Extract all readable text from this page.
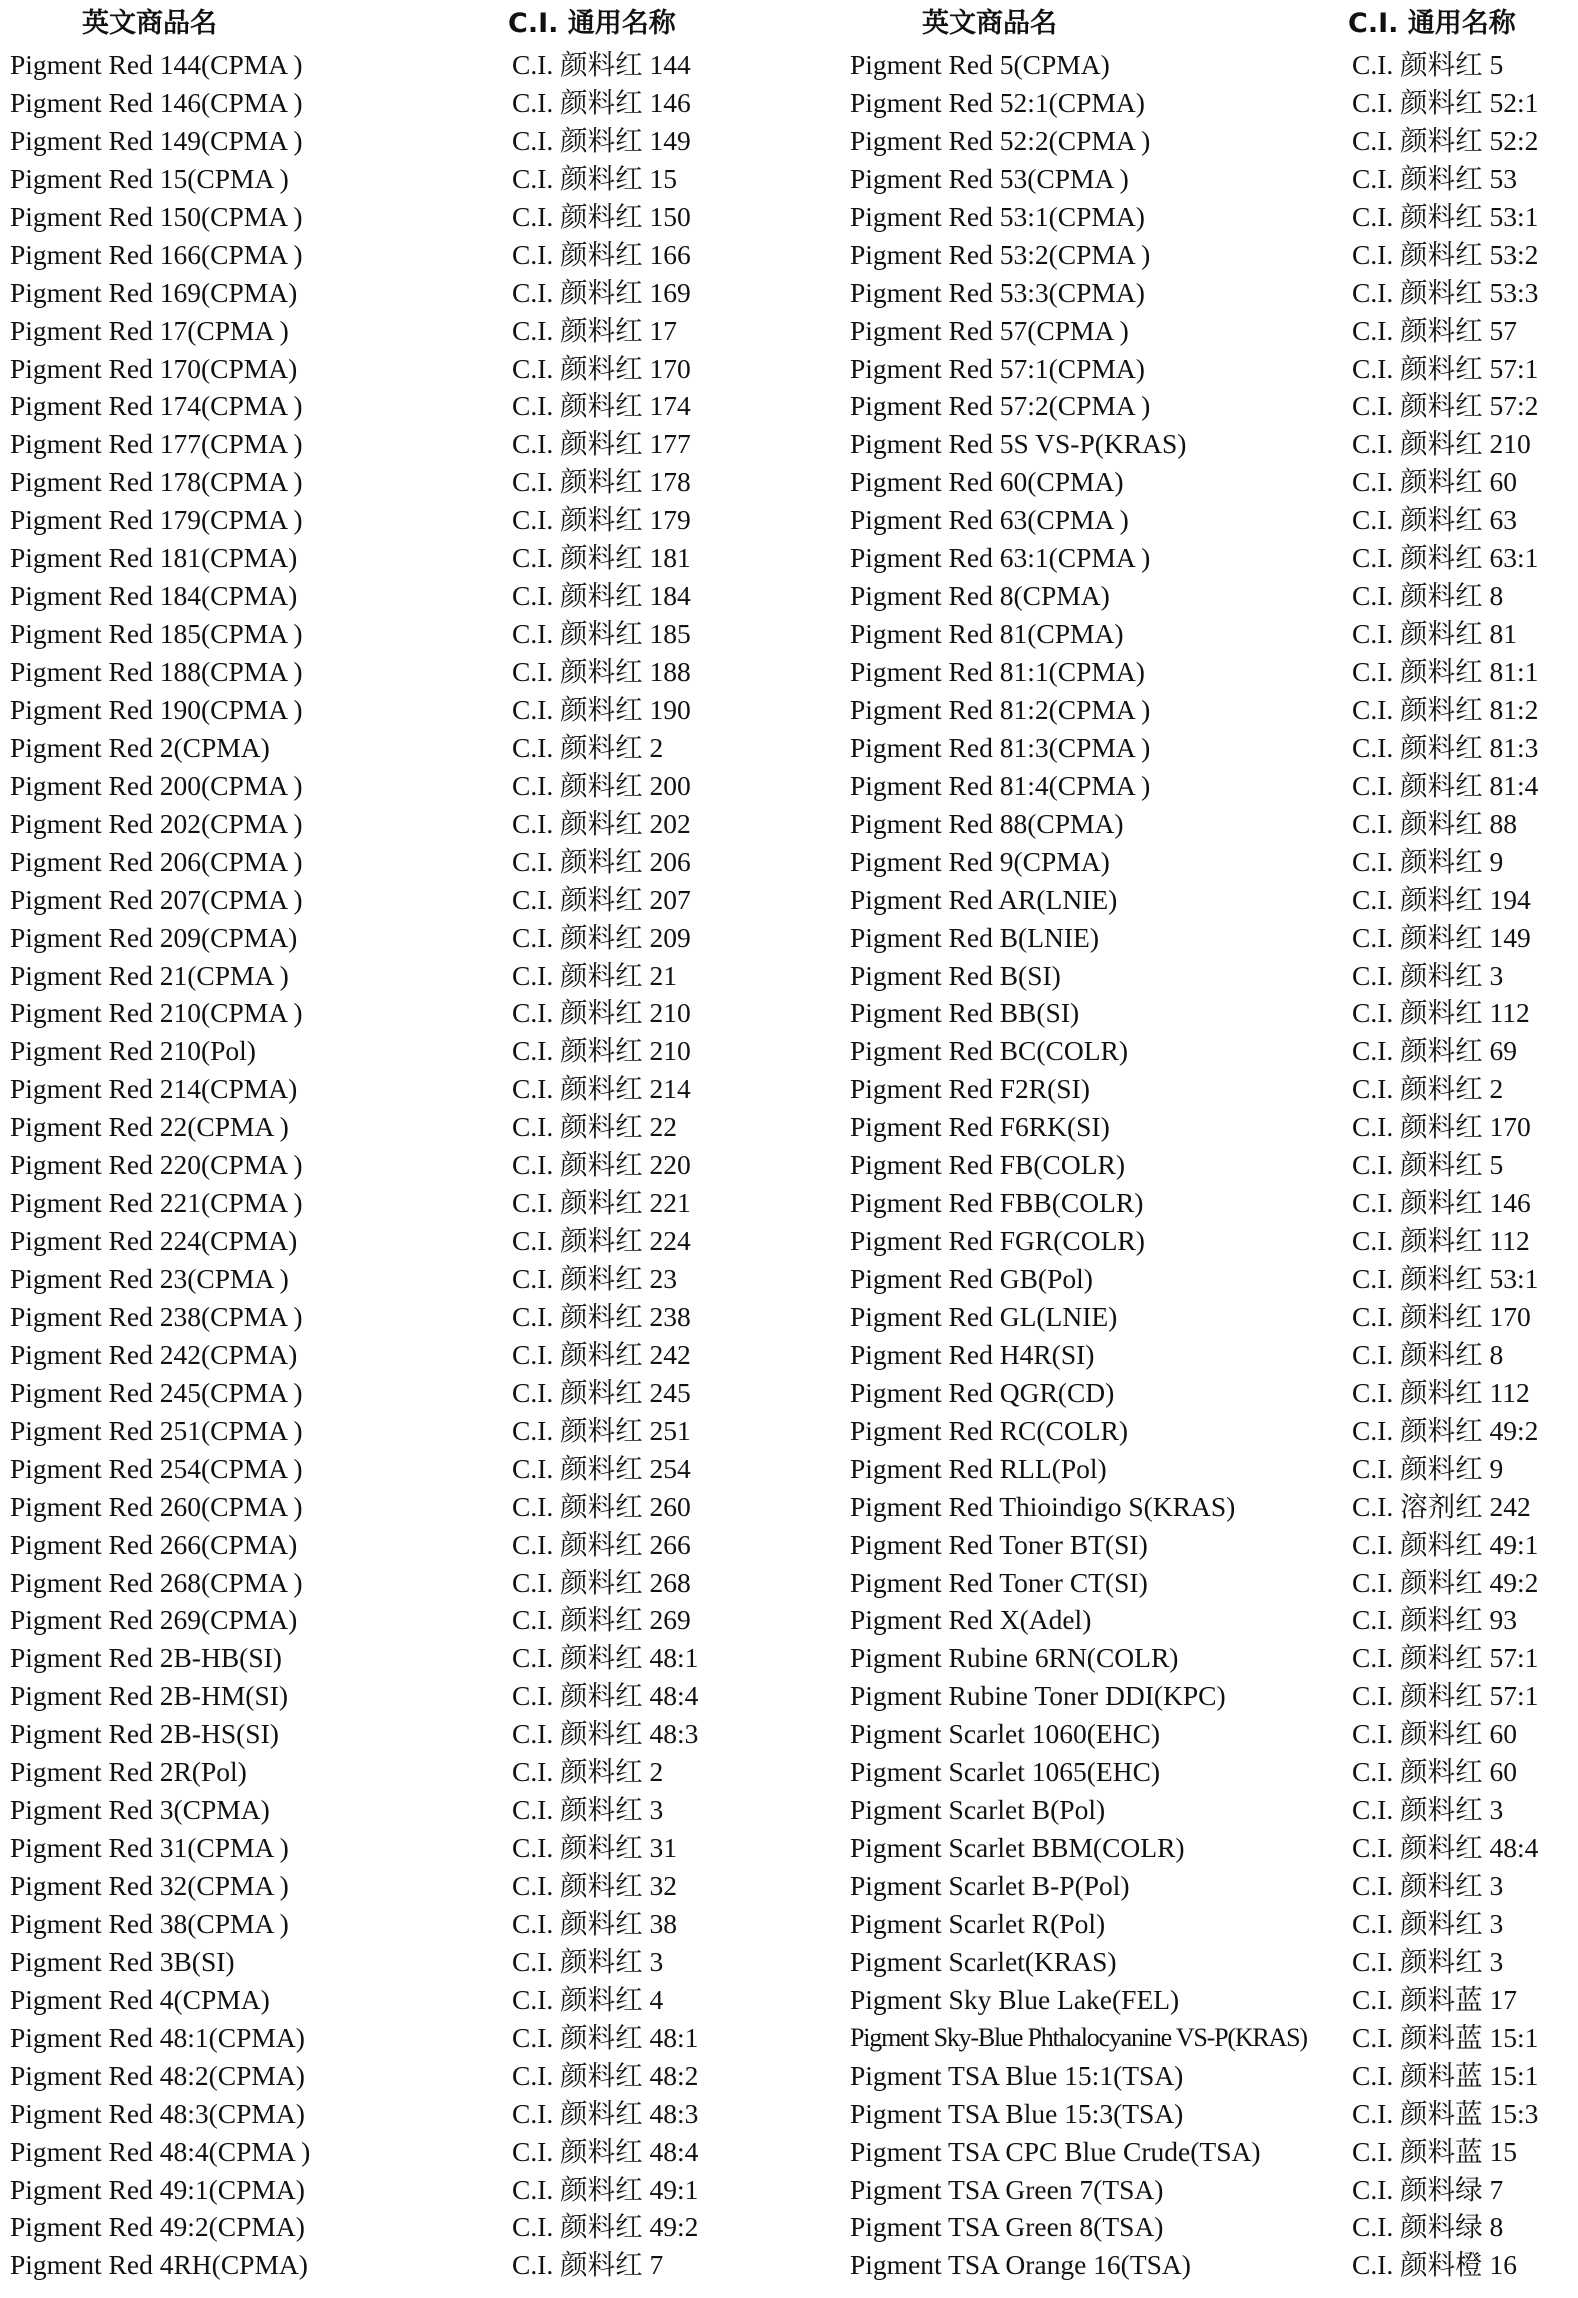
英文商品名	C.I. 通用名称
Pigment Red 144(CPMA )	C.I. 颜料红 144
Pigment Red 146(CPMA )	C.I. 颜料红 146
Pigment Red 149(CPMA )	C.I. 颜料红 149
Pigment Red 15(CPMA )	C.I. 颜料红 15
Pigment Red 150(CPMA )	C.I. 颜料红 150
Pigment Red 166(CPMA )	C.I. 颜料红 166
Pigment Red 169(CPMA)	C.I. 颜料红 169
Pigment Red 17(CPMA )	C.I. 颜料红 17
Pigment Red 170(CPMA)	C.I. 颜料红 170
Pigment Red 174(CPMA )	C.I. 颜料红 174
Pigment Red 177(CPMA )	C.I. 颜料红 177
Pigment Red 178(CPMA )	C.I. 颜料红 178
Pigment Red 179(CPMA )	C.I. 颜料红 179
Pigment Red 181(CPMA)	C.I. 颜料红 181
Pigment Red 184(CPMA)	C.I. 颜料红 184
Pigment Red 185(CPMA )	C.I. 颜料红 185
Pigment Red 188(CPMA )	C.I. 颜料红 188
Pigment Red 190(CPMA )	C.I. 颜料红 190
Pigment Red 2(CPMA)	C.I. 颜料红 2
Pigment Red 200(CPMA )	C.I. 颜料红 200
Pigment Red 202(CPMA )	C.I. 颜料红 202
Pigment Red 206(CPMA )	C.I. 颜料红 206
Pigment Red 207(CPMA )	C.I. 颜料红 207
Pigment Red 209(CPMA)	C.I. 颜料红 209
Pigment Red 21(CPMA )	C.I. 颜料红 21
Pigment Red 210(CPMA )	C.I. 颜料红 210
Pigment Red 210(Pol)	C.I. 颜料红 210
Pigment Red 214(CPMA)	C.I. 颜料红 214
Pigment Red 22(CPMA )	C.I. 颜料红 22
Pigment Red 220(CPMA )	C.I. 颜料红 220
Pigment Red 221(CPMA )	C.I. 颜料红 221
Pigment Red 224(CPMA)	C.I. 颜料红 224
Pigment Red 23(CPMA )	C.I. 颜料红 23
Pigment Red 238(CPMA )	C.I. 颜料红 238
Pigment Red 242(CPMA)	C.I. 颜料红 242
Pigment Red 245(CPMA )	C.I. 颜料红 245
Pigment Red 251(CPMA )	C.I. 颜料红 251
Pigment Red 254(CPMA )	C.I. 颜料红 254
Pigment Red 260(CPMA )	C.I. 颜料红 260
Pigment Red 266(CPMA)	C.I. 颜料红 266
Pigment Red 268(CPMA )	C.I. 颜料红 268
Pigment Red 269(CPMA)	C.I. 颜料红 269
Pigment Red 2B-HB(SI)	C.I. 颜料红 48:1
Pigment Red 2B-HM(SI)	C.I. 颜料红 48:4
Pigment Red 2B-HS(SI)	C.I. 颜料红 48:3
Pigment Red 2R(Pol)	C.I. 颜料红 2
Pigment Red 3(CPMA)	C.I. 颜料红 3
Pigment Red 31(CPMA )	C.I. 颜料红 31
Pigment Red 32(CPMA )	C.I. 颜料红 32
Pigment Red 38(CPMA )	C.I. 颜料红 38
Pigment Red 3B(SI)	C.I. 颜料红 3
Pigment Red 4(CPMA)	C.I. 颜料红 4
Pigment Red 48:1(CPMA)	C.I. 颜料红 48:1
Pigment Red 48:2(CPMA)	C.I. 颜料红 48:2
Pigment Red 48:3(CPMA)	C.I. 颜料红 48:3
Pigment Red 48:4(CPMA )	C.I. 颜料红 48:4
Pigment Red 49:1(CPMA)	C.I. 颜料红 49:1
Pigment Red 49:2(CPMA)	C.I. 颜料红 49:2
Pigment Red 4RH(CPMA)	C.I. 颜料红 7
英文商品名	C.I. 通用名称
Pigment Red 5(CPMA)	C.I. 颜料红 5
Pigment Red 52:1(CPMA)	C.I. 颜料红 52:1
Pigment Red 52:2(CPMA )	C.I. 颜料红 52:2
Pigment Red 53(CPMA )	C.I. 颜料红 53
Pigment Red 53:1(CPMA)	C.I. 颜料红 53:1
Pigment Red 53:2(CPMA )	C.I. 颜料红 53:2
Pigment Red 53:3(CPMA)	C.I. 颜料红 53:3
Pigment Red 57(CPMA )	C.I. 颜料红 57
Pigment Red 57:1(CPMA)	C.I. 颜料红 57:1
Pigment Red 57:2(CPMA )	C.I. 颜料红 57:2
Pigment Red 5S VS-P(KRAS)	C.I. 颜料红 210
Pigment Red 60(CPMA)	C.I. 颜料红 60
Pigment Red 63(CPMA )	C.I. 颜料红 63
Pigment Red 63:1(CPMA )	C.I. 颜料红 63:1
Pigment Red 8(CPMA)	C.I. 颜料红 8
Pigment Red 81(CPMA)	C.I. 颜料红 81
Pigment Red 81:1(CPMA)	C.I. 颜料红 81:1
Pigment Red 81:2(CPMA )	C.I. 颜料红 81:2
Pigment Red 81:3(CPMA )	C.I. 颜料红 81:3
Pigment Red 81:4(CPMA )	C.I. 颜料红 81:4
Pigment Red 88(CPMA)	C.I. 颜料红 88
Pigment Red 9(CPMA)	C.I. 颜料红 9
Pigment Red AR(LNIE)	C.I. 颜料红 194
Pigment Red B(LNIE)	C.I. 颜料红 149
Pigment Red B(SI)	C.I. 颜料红 3
Pigment Red BB(SI)	C.I. 颜料红 112
Pigment Red BC(COLR)	C.I. 颜料红 69
Pigment Red F2R(SI)	C.I. 颜料红 2
Pigment Red F6RK(SI)	C.I. 颜料红 170
Pigment Red FB(COLR)	C.I. 颜料红 5
Pigment Red FBB(COLR)	C.I. 颜料红 146
Pigment Red FGR(COLR)	C.I. 颜料红 112
Pigment Red GB(Pol)	C.I. 颜料红 53:1
Pigment Red GL(LNIE)	C.I. 颜料红 170
Pigment Red H4R(SI)	C.I. 颜料红 8
Pigment Red QGR(CD)	C.I. 颜料红 112
Pigment Red RC(COLR)	C.I. 颜料红 49:2
Pigment Red RLL(Pol)	C.I. 颜料红 9
Pigment Red Thioindigo S(KRAS)	C.I. 溶剂红 242
Pigment Red Toner BT(SI)	C.I. 颜料红 49:1
Pigment Red Toner CT(SI)	C.I. 颜料红 49:2
Pigment Red X(Adel)	C.I. 颜料红 93
Pigment Rubine 6RN(COLR)	C.I. 颜料红 57:1
Pigment Rubine Toner DDI(KPC)	C.I. 颜料红 57:1
Pigment Scarlet 1060(EHC)	C.I. 颜料红 60
Pigment Scarlet 1065(EHC)	C.I. 颜料红 60
Pigment Scarlet B(Pol)	C.I. 颜料红 3
Pigment Scarlet BBM(COLR)	C.I. 颜料红 48:4
Pigment Scarlet B-P(Pol)	C.I. 颜料红 3
Pigment Scarlet R(Pol)	C.I. 颜料红 3
Pigment Scarlet(KRAS)	C.I. 颜料红 3
Pigment Sky Blue Lake(FEL)	C.I. 颜料蓝 17
Pigment Sky-Blue Phthalocyanine VS-P(KRAS) C.I. 颜料蓝 15:1
Pigment TSA Blue 15:1(TSA)	C.I. 颜料蓝 15:1
Pigment TSA Blue 15:3(TSA)	C.I. 颜料蓝 15:3
Pigment TSA CPC Blue Crude(TSA)	C.I. 颜料蓝 15
Pigment TSA Green 7(TSA)	C.I. 颜料绿 7
Pigment TSA Green 8(TSA)	C.I. 颜料绿 8
Pigment TSA Orange 16(TSA)	C.I. 颜料橙 16
